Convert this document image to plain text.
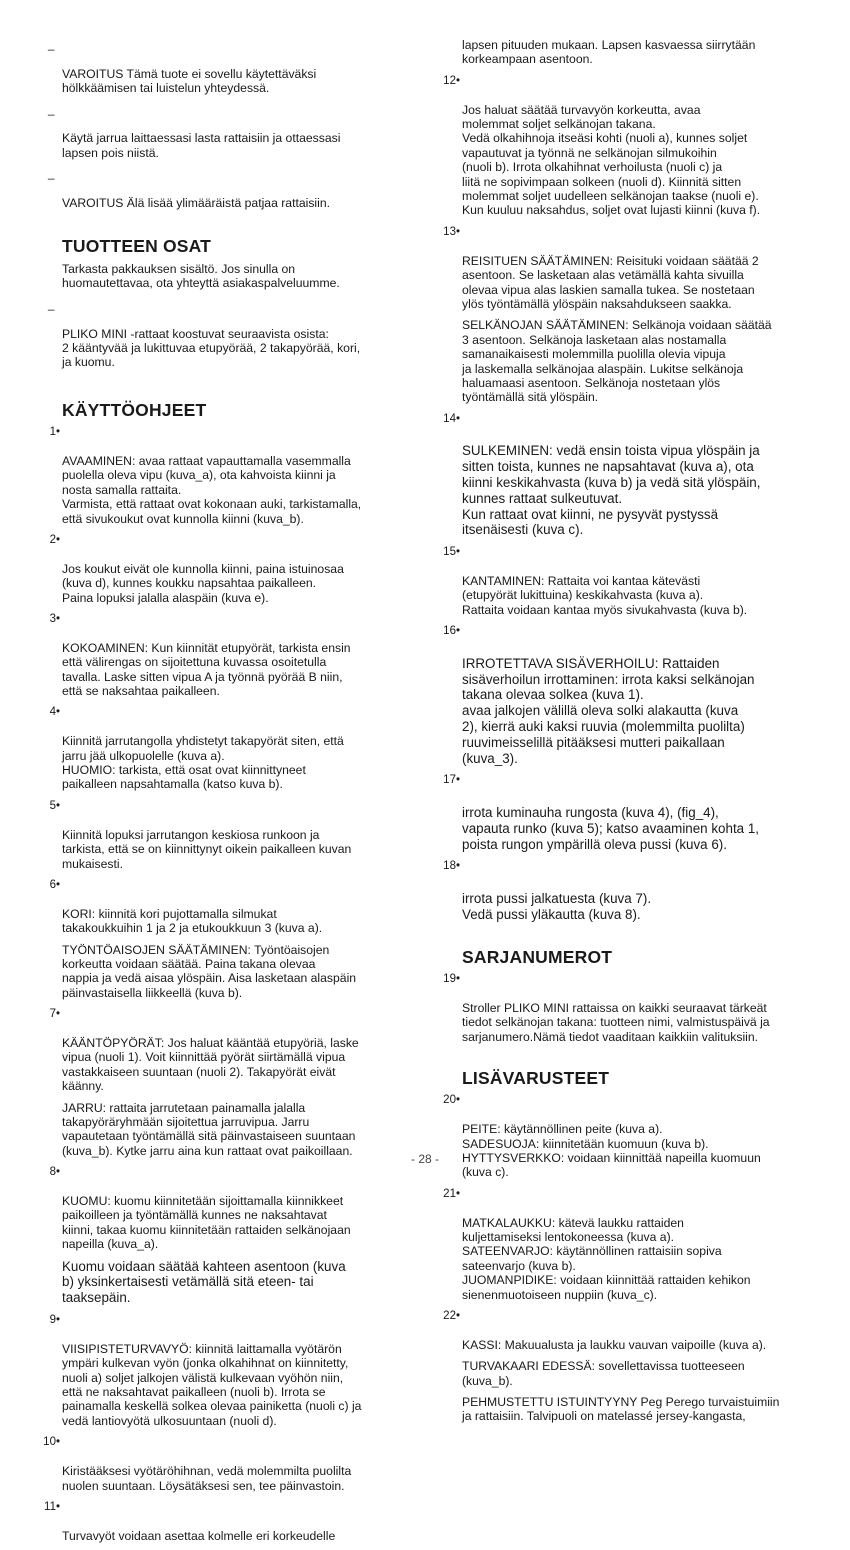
_

VAROITUS Tämä tuote ei sovellu käytettäväksi
hölkkäämisen tai luistelun yhteydessä.

_

Käytä jarrua laittaessasi lasta rattaisiin ja ottaessasi
lapsen pois niistä.

_

VAROITUS Älä lisää ylimääräistä patjaa rattaisiin.

TUOTTEEN OSAT
Tarkasta pakkauksen sisältö. Jos sinulla on
huomautettavaa, ota yhteyttä asiakaspalveluumme.

_

PLIKO MINI -rattaat koostuvat seuraavista osista:
2 kääntyvää ja lukittuvaa etupyörää, 2 takapyörää, kori,
ja kuomu.

KÄYTTÖOHJEET

1•

AVAAMINEN: avaa rattaat vapauttamalla vasemmalla
puolella oleva vipu (kuva_a), ota kahvoista kiinni ja
nosta samalla rattaita.
Varmista, että rattaat ovat kokonaan auki, tarkistamalla,
että sivukoukut ovat kunnolla kiinni (kuva_b).

2•

Jos koukut eivät ole kunnolla kiinni, paina istuinosaa
(kuva d), kunnes koukku napsahtaa paikalleen.
Paina lopuksi jalalla alaspäin (kuva e).

3•

KOKOAMINEN: Kun kiinnität etupyörät, tarkista ensin
että välirengas on sijoitettuna kuvassa osoitetulla
tavalla. Laske sitten vipua A ja työnnä pyörää B niin,
että se naksahtaa paikalleen.

4•

Kiinnitä jarrutangolla yhdistetyt takapyörät siten, että
jarru jää ulkopuolelle (kuva a).
HUOMIO: tarkista, että osat ovat kiinnittyneet
paikalleen napsahtamalla (katso kuva b).

5•

Kiinnitä lopuksi jarrutangon keskiosa runkoon ja
tarkista, että se on kiinnittynyt oikein paikalleen kuvan
mukaisesti.

6•

KORI: kiinnitä kori pujottamalla silmukat
takakoukkuihin 1 ja 2 ja etukoukkuun 3 (kuva a).

TYÖNTÖAISOJEN SÄÄTÄMINEN: Työntöaisojen
korkeutta voidaan säätää. Paina takana olevaa
nappia ja vedä aisaa ylöspäin. Aisa lasketaan alaspäin
päinvastaisella liikkeellä (kuva b).

7•

KÄÄNTÖPYÖRÄT: Jos haluat kääntää etupyöriä, laske
vipua (nuoli 1). Voit kiinnittää pyörät siirtämällä vipua
vastakkaiseen suuntaan (nuoli 2). Takapyörät eivät
käänny.

JARRU: rattaita jarrutetaan painamalla jalalla
takapyöräryhmään sijoitettua jarruvipua. Jarru
vapautetaan työntämällä sitä päinvastaiseen suuntaan
(kuva_b). Kytke jarru aina kun rattaat ovat paikoillaan.

8•

KUOMU: kuomu kiinnitetään sijoittamalla kiinnikkeet
paikoilleen ja työntämällä kunnes ne naksahtavat
kiinni, takaa kuomu kiinnitetään rattaiden selkänojaan
napeilla (kuva_a).

Kuomu voidaan säätää kahteen asentoon (kuva
b) yksinkertaisesti vetämällä sitä eteen- tai
taaksepäin.

9•

VIISIPISTETURVAVYÖ: kiinnitä laittamalla vyötärön
ympäri kulkevan vyön (jonka olkahihnat on kiinnitetty,
nuoli a) soljet jalkojen välistä kulkevaan vyöhön niin,
että ne naksahtavat paikalleen (nuoli b). Irrota se
painamalla keskellä solkea olevaa painiketta (nuoli c) ja
vedä lantiovyötä ulkosuuntaan (nuoli d).

10•

Kiristääksesi vyötäröhihnan, vedä molemmilta puolilta
nuolen suuntaan. Löysätäksesi sen, tee päinvastoin.

11•

Turvavyöt voidaan asettaa kolmelle eri korkeudelle

lapsen pituuden mukaan. Lapsen kasvaessa siirrytään
korkeampaan asentoon.

12•

Jos haluat säätää turvavyön korkeutta, avaa
molemmat soljet selkänojan takana.
Vedä olkahihnoja itseäsi kohti (nuoli a), kunnes soljet
vapautuvat ja työnnä ne selkänojan silmukoihin
(nuoli b). Irrota olkahihnat verhoilusta (nuoli c) ja
liitä ne sopivimpaan solkeen (nuoli d). Kiinnitä sitten
molemmat soljet uudelleen selkänojan taakse (nuoli e).
Kun kuuluu naksahdus, soljet ovat lujasti kiinni (kuva f).

13•

REISITUEN SÄÄTÄMINEN: Reisituki voidaan säätää 2
asentoon. Se lasketaan alas vetämällä kahta sivuilla
olevaa vipua alas laskien samalla tukea. Se nostetaan
ylös työntämällä ylöspäin naksahdukseen saakka.

SELKÄNOJAN SÄÄTÄMINEN: Selkänoja voidaan säätää
3 asentoon. Selkänoja lasketaan alas nostamalla
samanaikaisesti molemmilla puolilla olevia vipuja
ja laskemalla selkänojaa alaspäin. Lukitse selkänoja
haluamaasi asentoon. Selkänoja nostetaan ylös
työntämällä sitä ylöspäin.

14•

SULKEMINEN: vedä ensin toista vipua ylöspäin ja
sitten toista, kunnes ne napsahtavat (kuva a), ota
kiinni keskikahvasta (kuva b) ja vedä sitä ylöspäin,
kunnes rattaat sulkeutuvat.
Kun rattaat ovat kiinni, ne pysyvät pystyssä
itsenäisesti (kuva c).

15•

KANTAMINEN: Rattaita voi kantaa kätevästi
(etupyörät lukittuina) keskikahvasta (kuva a).
Rattaita voidaan kantaa myös sivukahvasta (kuva b).

16•

IRROTETTAVA SISÄVERHOILU: Rattaiden
sisäverhoilun irrottaminen: irrota kaksi selkänojan
takana olevaa solkea (kuva 1).
avaa jalkojen välillä oleva solki alakautta (kuva
2), kierrä auki kaksi ruuvia (molemmilta puolilta)
ruuvimeisselillä pitääksesi mutteri paikallaan
(kuva_3).

17•

irrota kuminauha rungosta (kuva 4), (fig_4),
vapauta runko (kuva 5); katso avaaminen kohta 1,
poista rungon ympärillä oleva pussi (kuva 6).

18•

irrota pussi jalkatuesta (kuva 7).
Vedä pussi yläkautta (kuva 8).

SARJANUMEROT

19•

Stroller PLIKO MINI rattaissa on kaikki seuraavat tärkeät
tiedot selkänojan takana: tuotteen nimi, valmistuspäivä ja
sarjanumero.Nämä tiedot vaaditaan kaikkiin valituksiin.

LISÄVARUSTEET

20•

PEITE: käytännöllinen peite (kuva a).
SADESUOJA: kiinnitetään kuomuun (kuva b).
HYTTYSVERKKO: voidaan kiinnittää napeilla kuomuun
(kuva c).

21•

MATKALAUKKU: kätevä laukku rattaiden
kuljettamiseksi lentokoneessa (kuva a).
SATEENVARJO: käytännöllinen rattaisiin sopiva
sateenvarjo (kuva b).
JUOMANPIDIKE: voidaan kiinnittää rattaiden kehikon
sienenmuotoiseen nuppiin (kuva_c).

22•

KASSI: Makuualusta ja laukku vauvan vaipoille (kuva a).

TURVAKAARI EDESSÄ: sovellettavissa tuotteeseen
(kuva_b).
PEHMUSTETTU ISTUINTYYNY Peg Perego turvaistuimiin
ja rattaisiin. Talvipuoli on matelassé jersey-kangasta,
- 28 -
